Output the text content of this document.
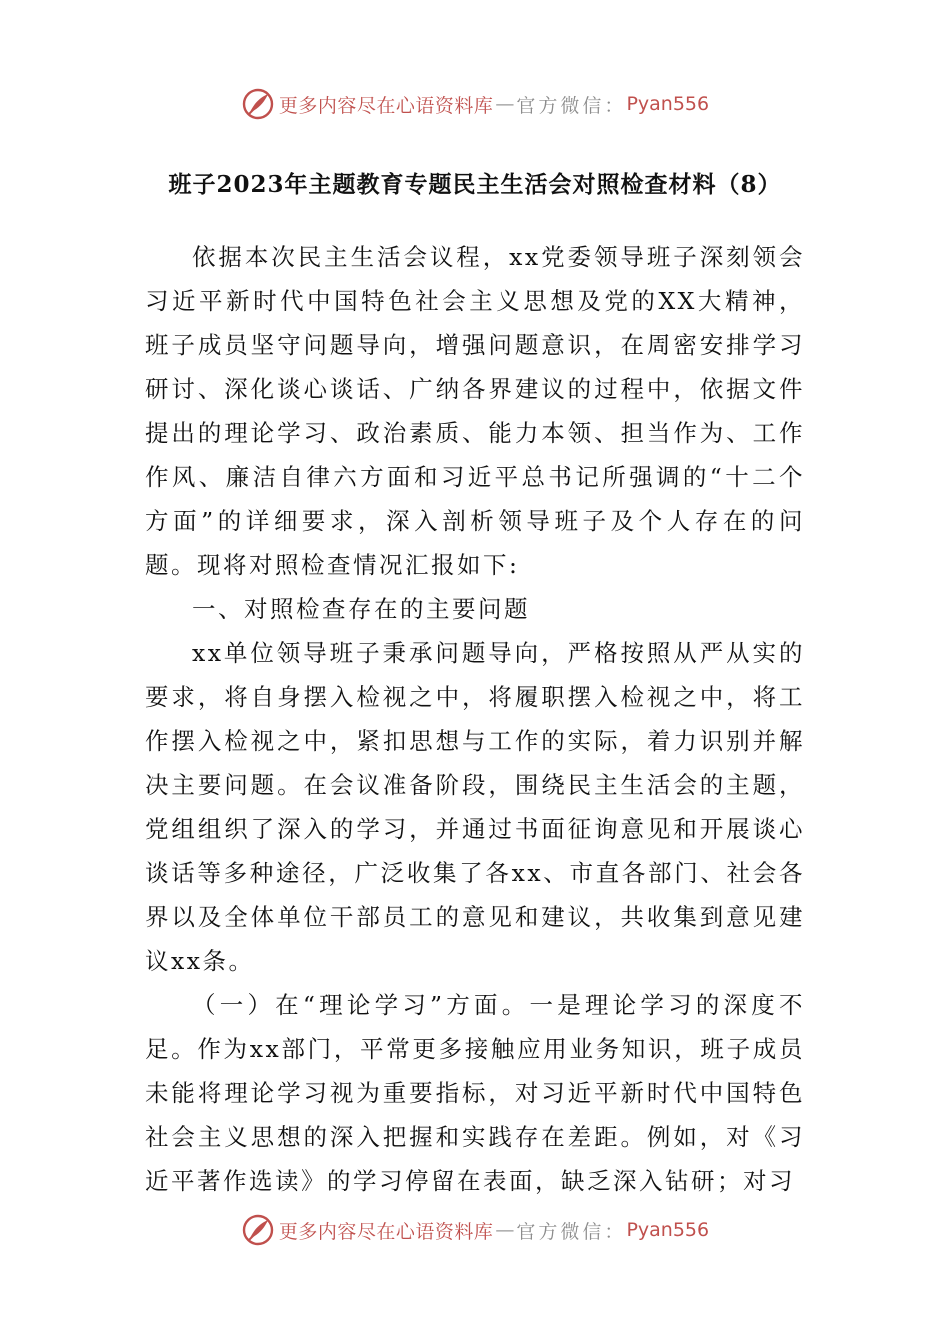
更多内容尽在心语资料库 — 官方微信： Pyan556
班子2023年主题教育专题民主生活会对照检查材料（8）

依据本次民主生活会议程，xx党委领导班子深刻领会习近平新时代中国特色社会主义思想及党的XX大精神，班子成员坚守问题导向，增强问题意识，在周密安排学习研讨、深化谈心谈话、广纳各界建议的过程中，依据文件提出的理论学习、政治素质、能力本领、担当作为、工作作风、廉洁自律六方面和习近平总书记所强调的“十二个方面”的详细要求，深入剖析领导班子及个人存在的问题。现将对照检查情况汇报如下:

一、对照检查存在的主要问题

xx单位领导班子秉承问题导向，严格按照从严从实的要求，将自身摆入检视之中，将履职摆入检视之中，将工作摆入检视之中，紧扣思想与工作的实际，着力识别并解决主要问题。在会议准备阶段，围绕民主生活会的主题，党组组织了深入的学习，并通过书面征询意见和开展谈心谈话等多种途径，广泛收集了各xx、市直各部门、社会各界以及全体单位干部员工的意见和建议，共收集到意见建议xx条。

（一）在“理论学习”方面。一是理论学习的深度不足。作为xx部门，平常更多接触应用业务知识，班子成员未能将理论学习视为重要指标，对习近平新时代中国特色社会主义思想的深入把握和实践存在差距。例如，对《习近平著作选读》的学习停留在表面，缺乏深入钻研；对习

更多内容尽在心语资料库 — 官方微信： Pyan556
